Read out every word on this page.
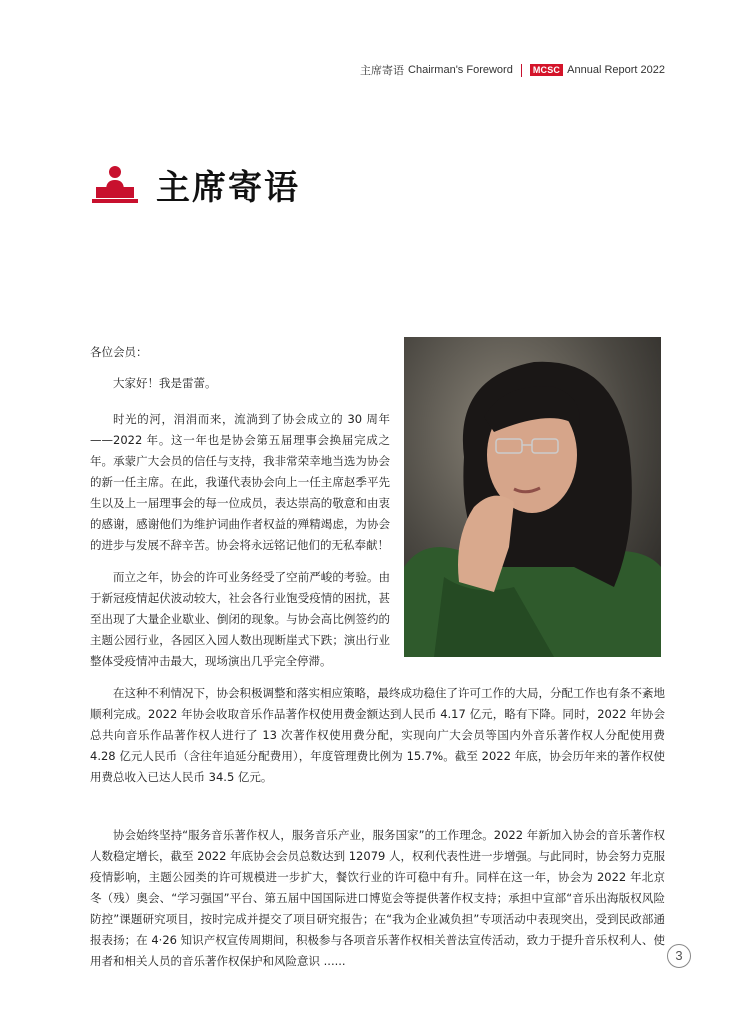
主席寄语 Chairman's Foreword	MCSC Annual Report 2022
主席寄语
各位会员：
大家好！我是雷蕾。
时光的河，涓涓而来，流淌到了协会成立的 30 周年——2022 年。这一年也是协会第五届理事会换届完成之年。承蒙广大会员的信任与支持，我非常荣幸地当选为协会的新一任主席。在此，我谨代表协会向上一任主席赵季平先生以及上一届理事会的每一位成员，表达崇高的敬意和由衷的感谢，感谢他们为维护词曲作者权益的殚精竭虑，为协会的进步与发展不辞辛苦。协会将永远铭记他们的无私奉献！
而立之年，协会的许可业务经受了空前严峻的考验。由于新冠疫情起伏波动较大，社会各行业饱受疫情的困扰，甚至出现了大量企业歇业、倒闭的现象。与协会高比例签约的主题公园行业，各园区入园人数出现断崖式下跌；演出行业整体受疫情冲击最大，现场演出几乎完全停滞。
在这种不利情况下，协会积极调整和落实相应策略，最终成功稳住了许可工作的大局，分配工作也有条不紊地顺利完成。2022 年协会收取音乐作品著作权使用费金额达到人民币 4.17 亿元，略有下降。同时，2022 年协会总共向音乐作品著作权人进行了 13 次著作权使用费分配，实现向广大会员等国内外音乐著作权人分配使用费 4.28 亿元人民币（含往年追延分配费用），年度管理费比例为 15.7%。截至 2022 年底，协会历年来的著作权使用费总收入已达人民币 34.5 亿元。
协会始终坚持“服务音乐著作权人，服务音乐产业，服务国家”的工作理念。2022 年新加入协会的音乐著作权人数稳定增长，截至 2022 年底协会会员总数达到 12079 人，权利代表性进一步增强。与此同时，协会努力克服疫情影响，主题公园类的许可规模进一步扩大，餐饮行业的许可稳中有升。同样在这一年，协会为 2022 年北京冬（残）奥会、“学习强国”平台、第五届中国国际进口博览会等提供著作权支持；承担中宣部“音乐出海版权风险防控”课题研究项目，按时完成并提交了项目研究报告；在“我为企业减负担”专项活动中表现突出，受到民政部通报表扬；在 4·26 知识产权宣传周期间，积极参与各项音乐著作权相关普法宣传活动，致力于提升音乐权利人、使用者和相关人员的音乐著作权保护和风险意识 ......	3
